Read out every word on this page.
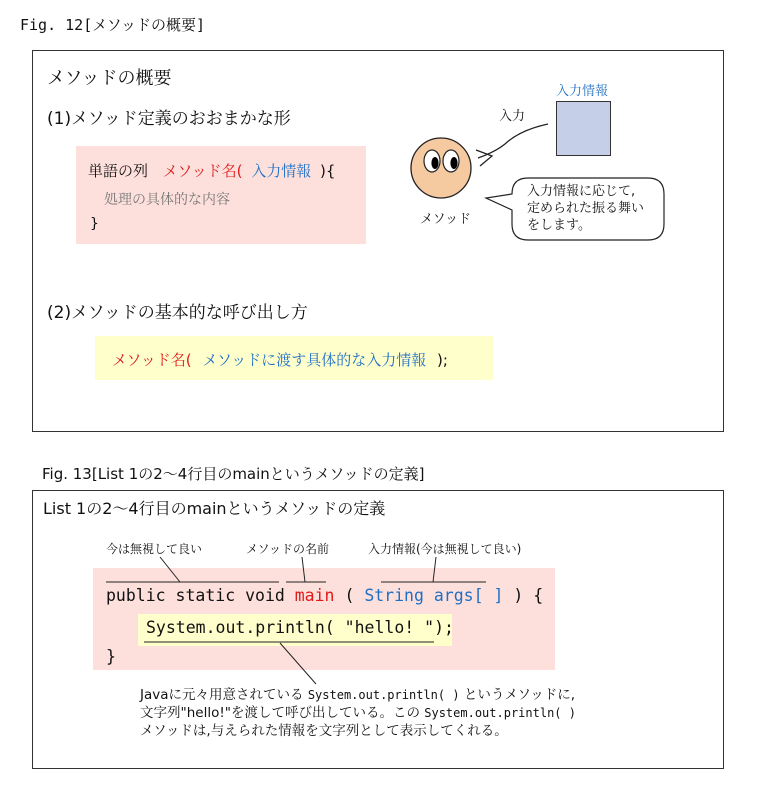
Fig. 12[メソッドの概要]
メソッドの概要
(1)メソッド定義のおおまかな形
単語の列 メソッド名( 入力情報 ){
処理の具体的な内容
}
入力情報
入力
メソッド
入力情報に応じて,
定められた振る舞い
をします。
(2)メソッドの基本的な呼び出し方
メソッド名( メソッドに渡す具体的な入力情報 );
Fig. 13[List 1の2〜4行目のmainというメソッドの定義]
List 1の2〜4行目のmainというメソッドの定義
今は無視して良い	メソッドの名前	入力情報(今は無視して良い)
public static void main ( String args[ ] ) {
System.out.println( "hello! ");
}
Javaに元々用意されている System.out.println( ) というメソッドに,
文字列"hello!"を渡して呼び出している。この System.out.println( )
メソッドは,与えられた情報を文字列として表示してくれる。
